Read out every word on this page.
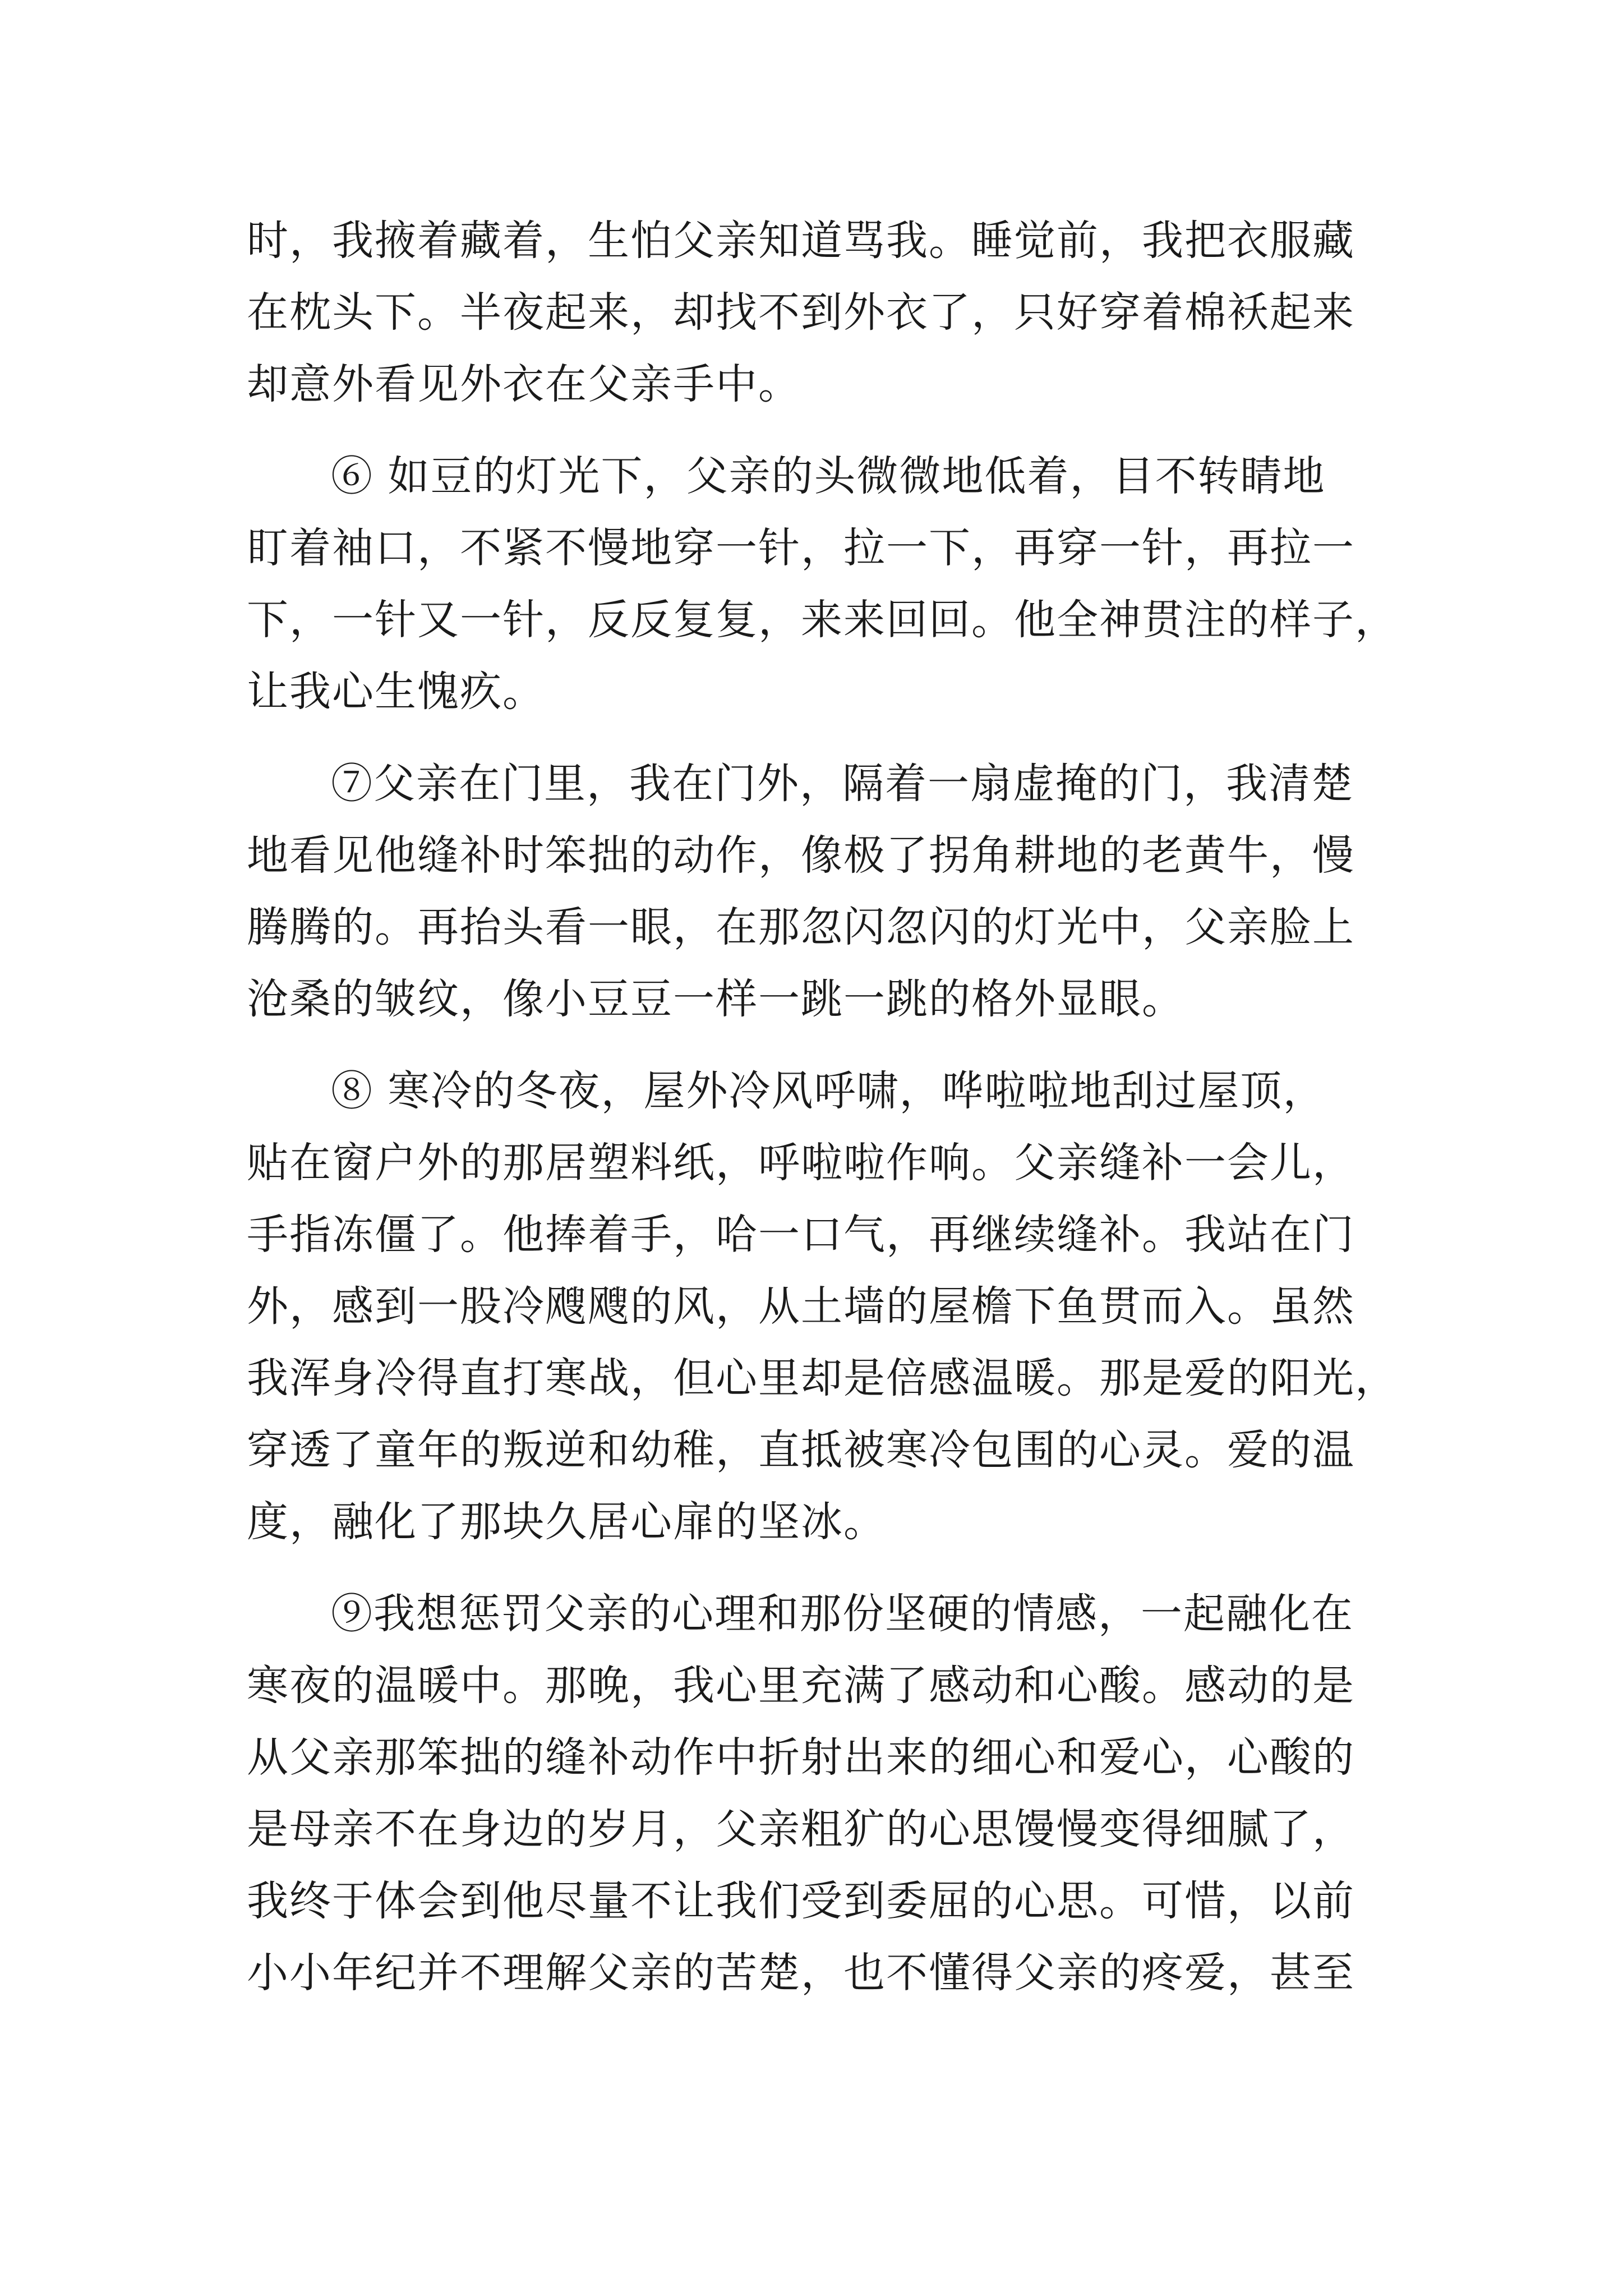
时，我掖着藏着，生怕父亲知道骂我。睡觉前，我把衣服藏
在枕头下。半夜起来，却找不到外衣了，只好穿着棉袄起来
却意外看见外衣在父亲手中。

⑥ 如豆的灯光下，父亲的头微微地低着，目不转睛地
盯着袖口，不紧不慢地穿一针，拉一下，再穿一针，再拉一
下，一针又一针，反反复复，来来回回。他全神贯注的样子，
让我心生愧疚。

⑦父亲在门里，我在门外，隔着一扇虚掩的门，我清楚
地看见他缝补时笨拙的动作，像极了拐角耕地的老黄牛，慢
腾腾的。再抬头看一眼，在那忽闪忽闪的灯光中，父亲脸上
沧桑的皱纹，像小豆豆一样一跳一跳的格外显眼。

⑧ 寒冷的冬夜，屋外冷风呼啸，哗啦啦地刮过屋顶，
贴在窗户外的那居塑料纸，呼啦啦作响。父亲缝补一会儿，
手指冻僵了。他捧着手，哈一口气，再继续缝补。我站在门
外，感到一股冷飕飕的风，从土墙的屋檐下鱼贯而入。虽然
我浑身冷得直打寒战，但心里却是倍感温暖。那是爱的阳光，
穿透了童年的叛逆和幼稚，直抵被寒冷包围的心灵。爱的温
度，融化了那块久居心扉的坚冰。

⑨我想惩罚父亲的心理和那份坚硬的情感，一起融化在
寒夜的温暖中。那晚，我心里充满了感动和心酸。感动的是
从父亲那笨拙的缝补动作中折射出来的细心和爱心，心酸的
是母亲不在身边的岁月，父亲粗犷的心思馒慢变得细腻了，
我终于体会到他尽量不让我们受到委屈的心思。可惜，以前
小小年纪并不理解父亲的苦楚，也不懂得父亲的疼爱，甚至
